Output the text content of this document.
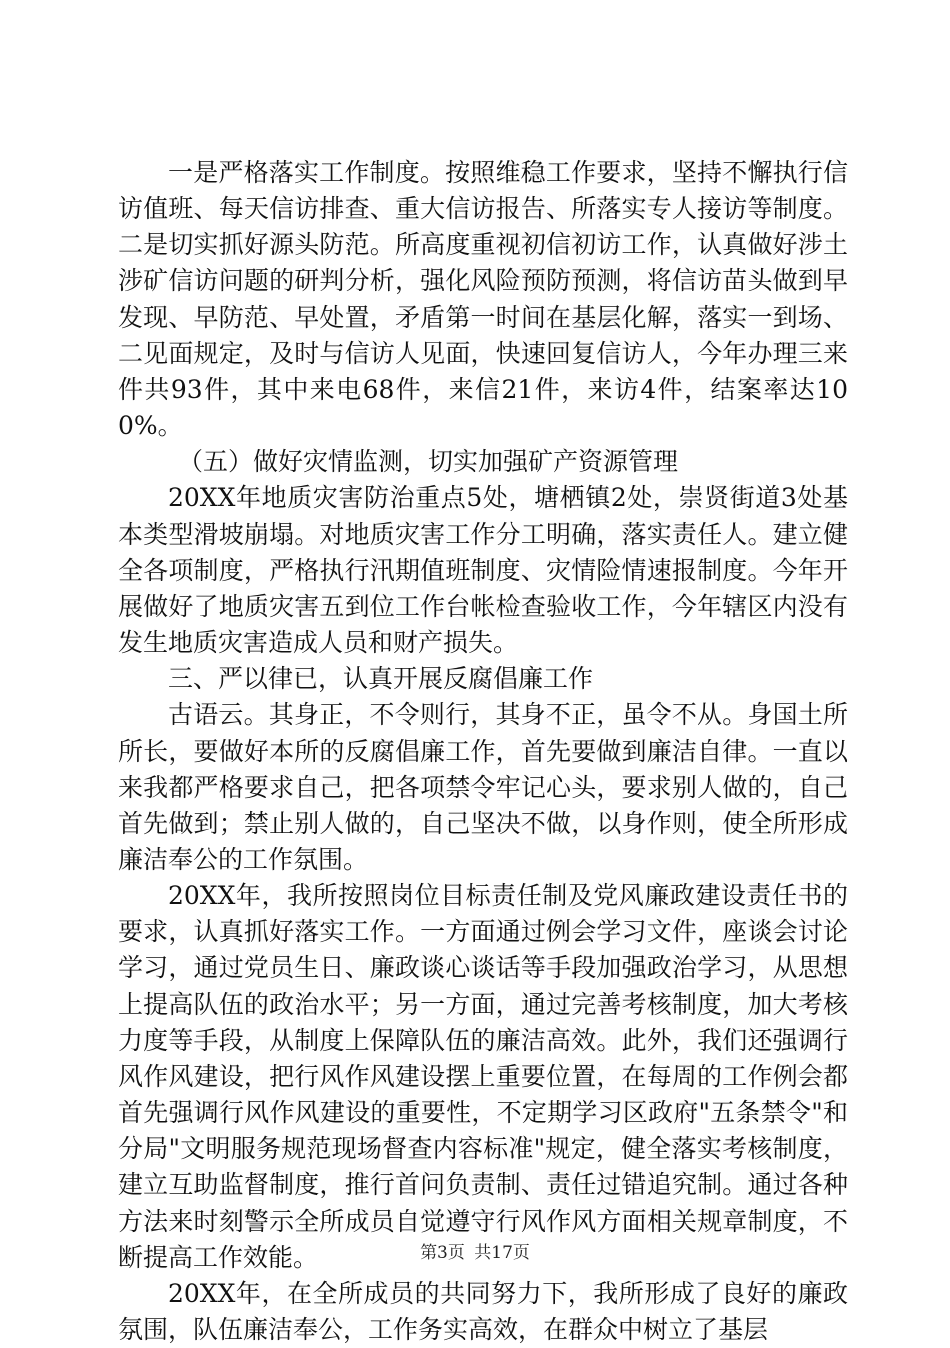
一是严格落实工作制度。按照维稳工作要求，坚持不懈执行信访值班、每天信访排查、重大信访报告、所落实专人接访等制度。二是切实抓好源头防范。所高度重视初信初访工作，认真做好涉土涉矿信访问题的研判分析，强化风险预防预测，将信访苗头做到早发现、早防范、早处置，矛盾第一时间在基层化解，落实一到场、二见面规定，及时与信访人见面，快速回复信访人，今年办理三来件共93件，其中来电68件，来信21件，来访4件，结案率达100%。

（五）做好灾情监测，切实加强矿产资源管理

20XX年地质灾害防治重点5处，塘栖镇2处，崇贤街道3处基本类型滑坡崩塌。对地质灾害工作分工明确，落实责任人。建立健全各项制度，严格执行汛期值班制度、灾情险情速报制度。今年开展做好了地质灾害五到位工作台帐检查验收工作，今年辖区内没有发生地质灾害造成人员和财产损失。

三、严以律已，认真开展反腐倡廉工作

古语云。其身正，不令则行，其身不正，虽令不从。身国土所所长，要做好本所的反腐倡廉工作，首先要做到廉洁自律。一直以来我都严格要求自己，把各项禁令牢记心头，要求别人做的，自己首先做到；禁止别人做的，自己坚决不做，以身作则，使全所形成廉洁奉公的工作氛围。

20XX年，我所按照岗位目标责任制及党风廉政建设责任书的要求，认真抓好落实工作。一方面通过例会学习文件，座谈会讨论学习，通过党员生日、廉政谈心谈话等手段加强政治学习，从思想上提高队伍的政治水平；另一方面，通过完善考核制度，加大考核力度等手段，从制度上保障队伍的廉洁高效。此外，我们还强调行风作风建设，把行风作风建设摆上重要位置，在每周的工作例会都首先强调行风作风建设的重要性，不定期学习区政府"五条禁令"和分局"文明服务规范现场督查内容标准"规定，健全落实考核制度，建立互助监督制度，推行首问负责制、责任过错追究制。通过各种方法来时刻警示全所成员自觉遵守行风作风方面相关规章制度，不断提高工作效能。

20XX年，在全所成员的共同努力下，我所形成了良好的廉政氛围，队伍廉洁奉公，工作务实高效，在群众中树立了基层

第3页 共17页
